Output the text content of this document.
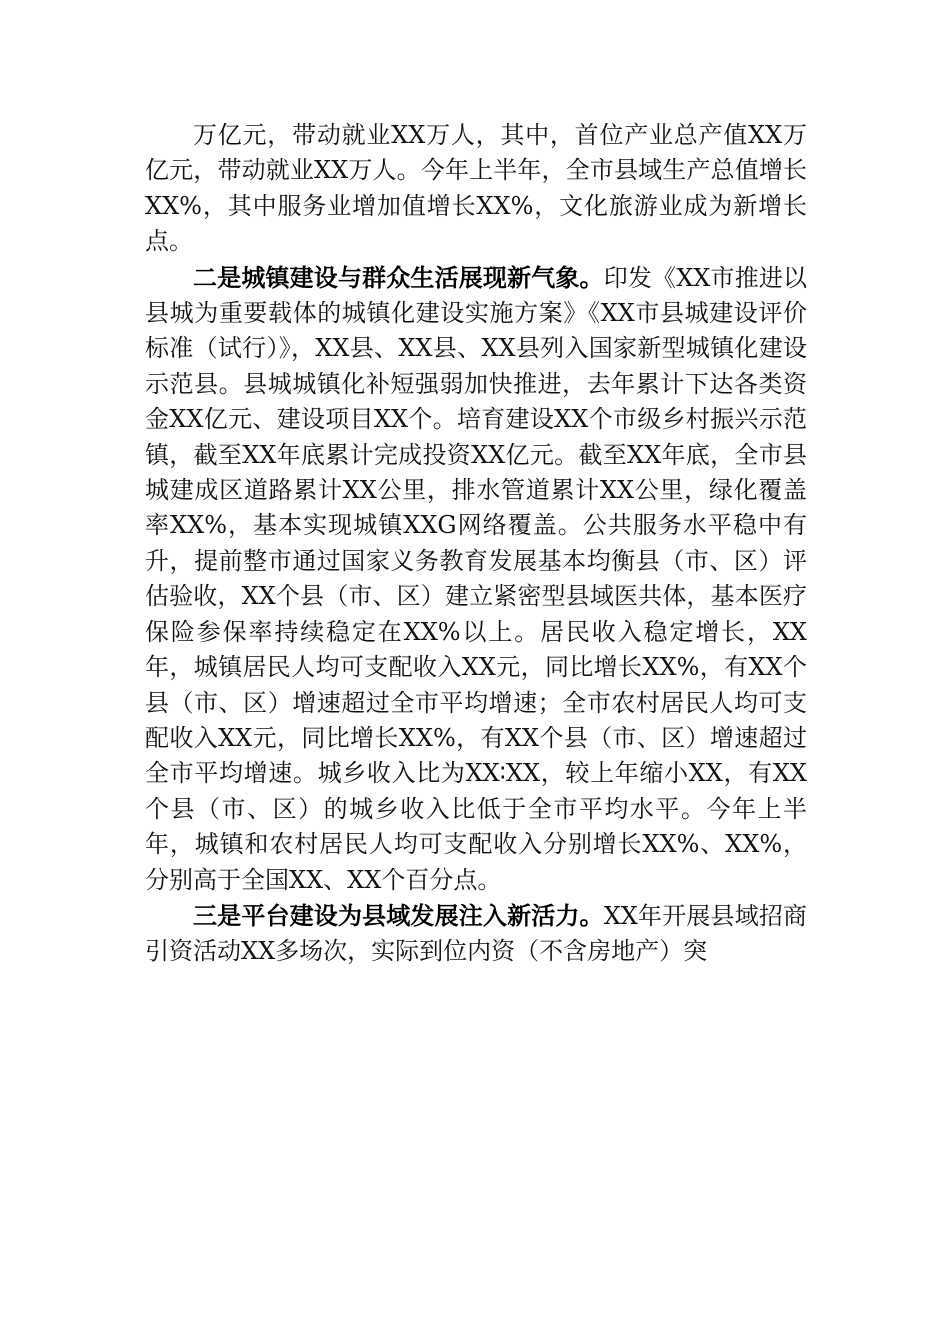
万亿元，带动就业XX万人，其中，首位产业总产值XX万亿元，带动就业XX万人。今年上半年，全市县域生产总值增长XX%，其中服务业增加值增长XX%，文化旅游业成为新增长点。

二是城镇建设与群众生活展现新气象。印发《XX市推进以县城为重要载体的城镇化建设实施方案》《XX市县城建设评价标准（试行）》，XX县、XX县、XX县列入国家新型城镇化建设示范县。县城城镇化补短强弱加快推进，去年累计下达各类资金XX亿元、建设项目XX个。培育建设XX个市级乡村振兴示范镇，截至XX年底累计完成投资XX亿元。截至XX年底，全市县城建成区道路累计XX公里，排水管道累计XX公里，绿化覆盖率XX%，基本实现城镇XXG网络覆盖。公共服务水平稳中有升，提前整市通过国家义务教育发展基本均衡县（市、区）评估验收，XX个县（市、区）建立紧密型县域医共体，基本医疗保险参保率持续稳定在XX%以上。居民收入稳定增长，XX年，城镇居民人均可支配收入XX元，同比增长XX%，有XX个县（市、区）增速超过全市平均增速；全市农村居民人均可支配收入XX元，同比增长XX%，有XX个县（市、区）增速超过全市平均增速。城乡收入比为XX∶XX，较上年缩小XX，有XX个县（市、区）的城乡收入比低于全市平均水平。今年上半年，城镇和农村居民人均可支配收入分别增长XX%、XX%，分别高于全国XX、XX个百分点。

三是平台建设为县域发展注入新活力。XX年开展县域招商引资活动XX多场次，实际到位内资（不含房地产）突
